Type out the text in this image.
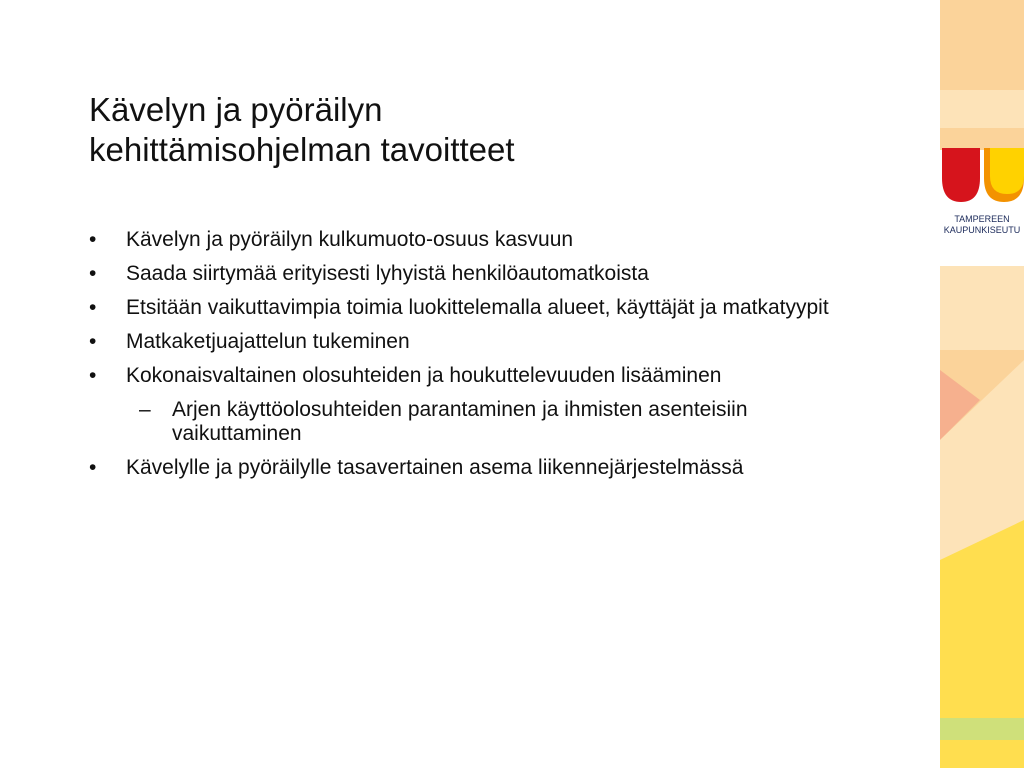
Kävelyn ja pyöräilyn
kehittämisohjelman tavoitteet
• Kävelyn ja pyöräilyn kulkumuoto-osuus kasvuun
• Saada siirtymää erityisesti lyhyistä henkilöautomatkoista
• Etsitään vaikuttavimpia toimia luokittelemalla alueet, käyttäjät ja matkatyypit
• Matkaketjuajattelun tukeminen
• Kokonaisvaltainen olosuhteiden ja houkuttelevuuden lisääminen
– Arjen käyttöolosuhteiden parantaminen ja ihmisten asenteisiin vaikuttaminen
• Kävelylle ja pyöräilylle tasavertainen asema liikennejärjestelmässä
TAMPEREEN
KAUPUNKISEUTU
